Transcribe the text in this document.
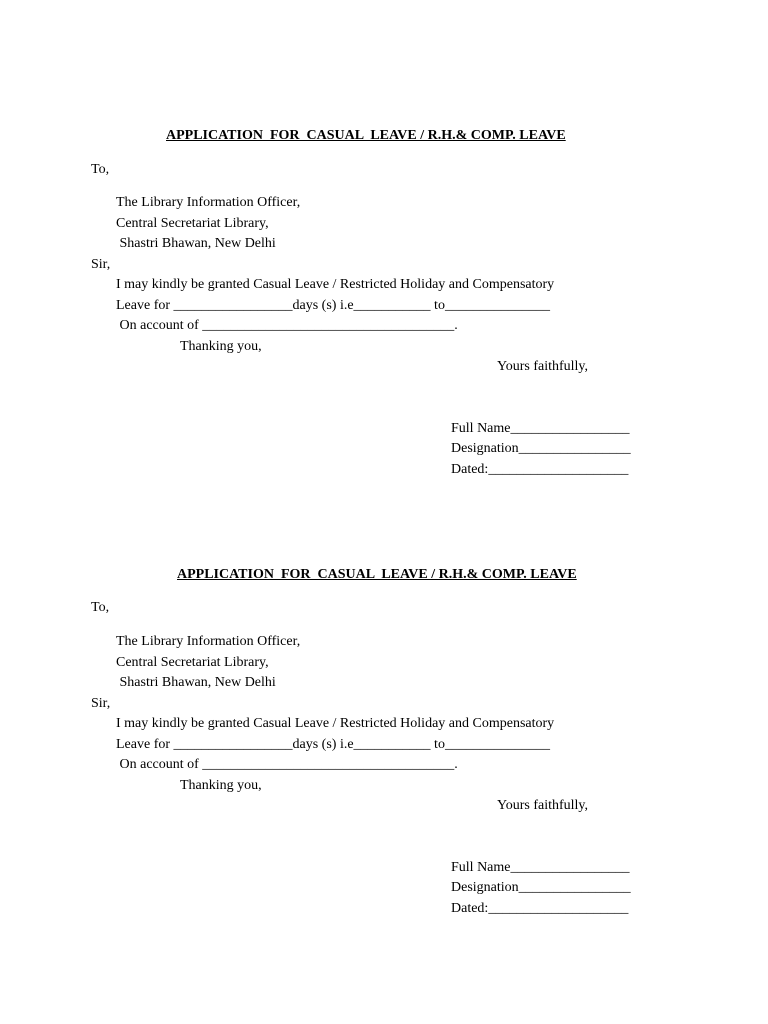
APPLICATION  FOR  CASUAL  LEAVE / R.H.& COMP. LEAVE
To,
The Library Information Officer,
Central Secretariat Library,
Shastri Bhawan, New Delhi
Sir,
I may kindly be granted Casual Leave / Restricted Holiday and Compensatory
Leave for _________________days (s) i.e___________ to_______________
On account of ____________________________________.
Thanking you,
Yours faithfully,
Full Name_________________
Designation________________
Dated:____________________
APPLICATION  FOR  CASUAL  LEAVE / R.H.& COMP. LEAVE
To,
The Library Information Officer,
Central Secretariat Library,
Shastri Bhawan, New Delhi
Sir,
I may kindly be granted Casual Leave / Restricted Holiday and Compensatory
Leave for _________________days (s) i.e___________ to_______________
On account of ____________________________________.
Thanking you,
Yours faithfully,
Full Name_________________
Designation________________
Dated:____________________
